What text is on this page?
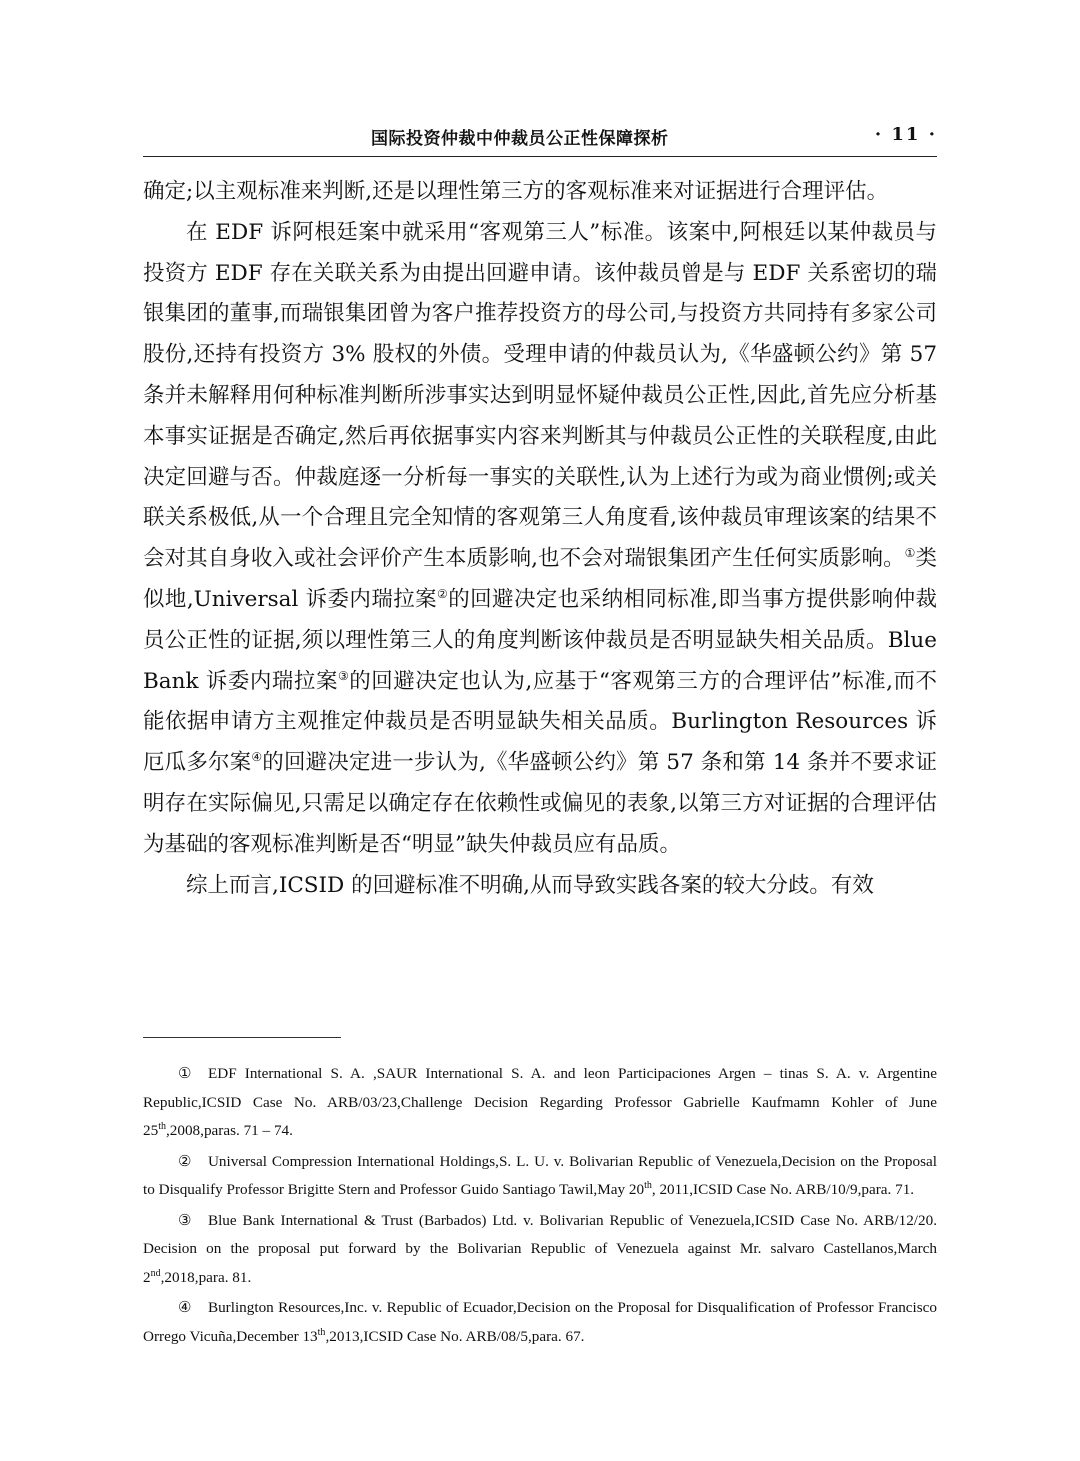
国际投资仲裁中仲裁员公正性保障探析	· 11 ·

确定;以主观标准来判断,还是以理性第三方的客观标准来对证据进行合理评估。

在 EDF 诉阿根廷案中就采用“客观第三人”标准。该案中,阿根廷以某仲裁员与投资方 EDF 存在关联关系为由提出回避申请。该仲裁员曾是与 EDF 关系密切的瑞银集团的董事,而瑞银集团曾为客户推荐投资方的母公司,与投资方共同持有多家公司股份,还持有投资方 3% 股权的外债。受理申请的仲裁员认为,《华盛顿公约》第 57 条并未解释用何种标准判断所涉事实达到明显怀疑仲裁员公正性,因此,首先应分析基本事实证据是否确定,然后再依据事实内容来判断其与仲裁员公正性的关联程度,由此决定回避与否。仲裁庭逐一分析每一事实的关联性,认为上述行为或为商业惯例;或关联关系极低,从一个合理且完全知情的客观第三人角度看,该仲裁员审理该案的结果不会对其自身收入或社会评价产生本质影响,也不会对瑞银集团产生任何实质影响。①类似地,Universal 诉委内瑞拉案②的回避决定也采纳相同标准,即当事方提供影响仲裁员公正性的证据,须以理性第三人的角度判断该仲裁员是否明显缺失相关品质。Blue Bank 诉委内瑞拉案③的回避决定也认为,应基于“客观第三方的合理评估”标准,而不能依据申请方主观推定仲裁员是否明显缺失相关品质。Burlington Resources 诉厄瓜多尔案④的回避决定进一步认为,《华盛顿公约》第 57 条和第 14 条并不要求证明存在实际偏见,只需足以确定存在依赖性或偏见的表象,以第三方对证据的合理评估为基础的客观标准判断是否“明显”缺失仲裁员应有品质。

综上而言,ICSID 的回避标准不明确,从而导致实践各案的较大分歧。有效

① EDF International S. A. ,SAUR International S. A. and leon Participaciones Argen – tinas S. A. v. Argentine Republic,ICSID Case No. ARB/03/23,Challenge Decision Regarding Professor Gabrielle Kaufmamn Kohler of June 25th,2008,paras. 71 – 74.

② Universal Compression International Holdings,S. L. U. v. Bolivarian Republic of Venezuela,Decision on the Proposal to Disqualify Professor Brigitte Stern and Professor Guido Santiago Tawil,May 20th, 2011,ICSID Case No. ARB/10/9,para. 71.

③ Blue Bank International & Trust (Barbados) Ltd. v. Bolivarian Republic of Venezuela,ICSID Case No. ARB/12/20. Decision on the proposal put forward by the Bolivarian Republic of Venezuela against Mr. salvaro Castellanos,March 2nd,2018,para. 81.

④ Burlington Resources,Inc. v. Republic of Ecuador,Decision on the Proposal for Disqualification of Professor Francisco Orrego Vicuña,December 13th,2013,ICSID Case No. ARB/08/5,para. 67.
